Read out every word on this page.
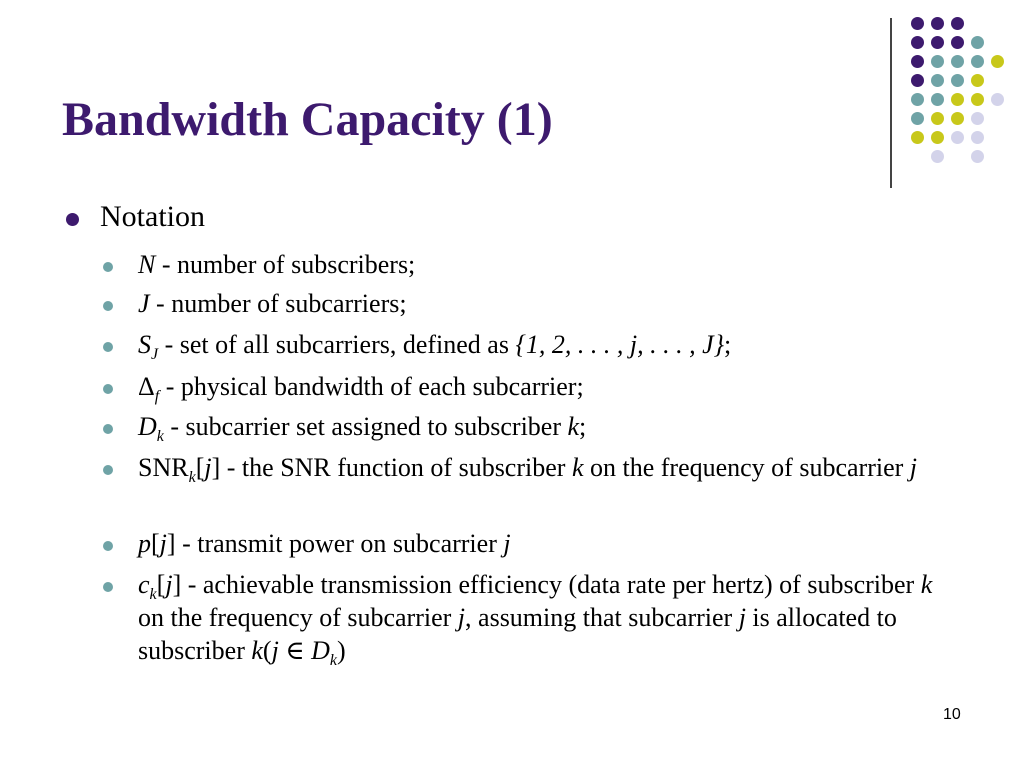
Bandwidth Capacity (1)
Notation
N - number of subscribers;
J - number of subcarriers;
$S_J$ - set of all subcarriers, defined as {1, 2, . . . , j, . . . , J};
$\Delta_f$ - physical bandwidth of each subcarrier;
$D_k$ - subcarrier set assigned to subscriber k;
$SNR_k[j]$ - the SNR function of subscriber k on the frequency of subcarrier j
p[j] - transmit power on subcarrier j
$c_k[j]$ - achievable transmission efficiency (data rate per hertz) of subscriber k on the frequency of subcarrier j, assuming that subcarrier j is allocated to subscriber k(j ∈ $D_k$)
10
